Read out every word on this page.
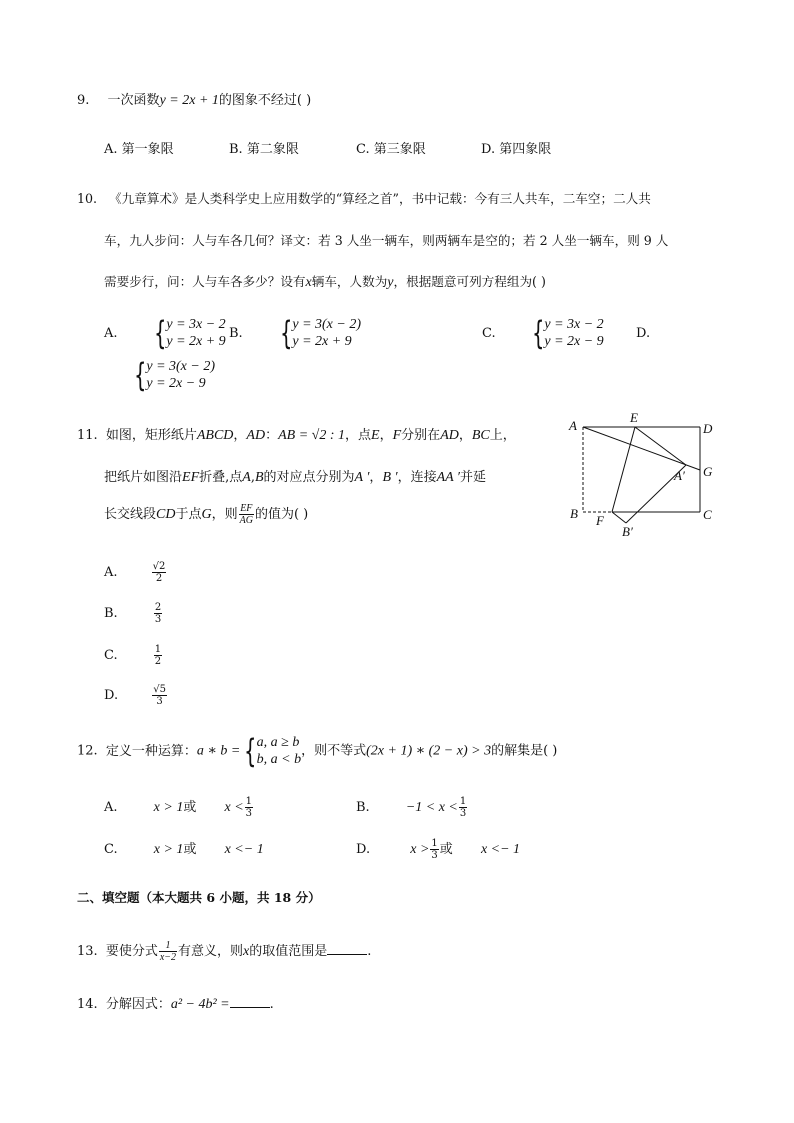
9. 一次函数y = 2x + 1的图象不经过( )
A. 第一象限	B. 第二象限	C. 第三象限	D. 第四象限
10. 《九章算术》是人类科学史上应用数学的“算经之首”，书中记载：今有三人共车，二车空；二人共
车，九人步问：人与车各几何？译文：若 3 人坐一辆车，则两辆车是空的；若 2 人坐一辆车，则 9 人
需要步行，问：人与车各多少？设有x辆车，人数为y，根据题意可列方程组为( )
A. {y = 3x − 2
y = 2x + 9
B. {y = 3(x − 2)
y = 2x + 9
C. {y = 3x − 2
y = 2x − 9
D.
{y = 3(x − 2)
y = 2x − 9
11. 如图，矩形纸片ABCD，AD：AB = √2 : 1，点E，F分别在AD，BC上，
把纸片如图沿EF折叠,点A,B的对应点分别为A ′，B ′，连接AA ′并延
长交线段CD于点G，则 $\frac{EF}{AG}$ 的值为( )
A	D
E
G
A′
B F
B′
C
A.	$\frac{√2}{2}$
B.	$\frac{2}{3}$
C.	$\frac{1}{2}$
D.	$\frac{√5}{3}$
12. 定义一种运算：a ∗ b = {a, a ≥ b
b, a < b，则不等式(2x + 1) ∗ (2 − x) > 3的解集是( )
A.	x > 1或 $x < \frac{1}{3}$	B.	$-1 < x < \frac{1}{3}$
C.	x > 1或 x <− 1	D.	$x > \frac{1}{3}$ 或 x <− 1
二、填空题（本大题共 6 小题，共 18 分）
13. 要使分式 $\frac{1}{x-2}$ 有意义，则x的取值范围是	.
14. 分解因式：a² − 4b² =	.
